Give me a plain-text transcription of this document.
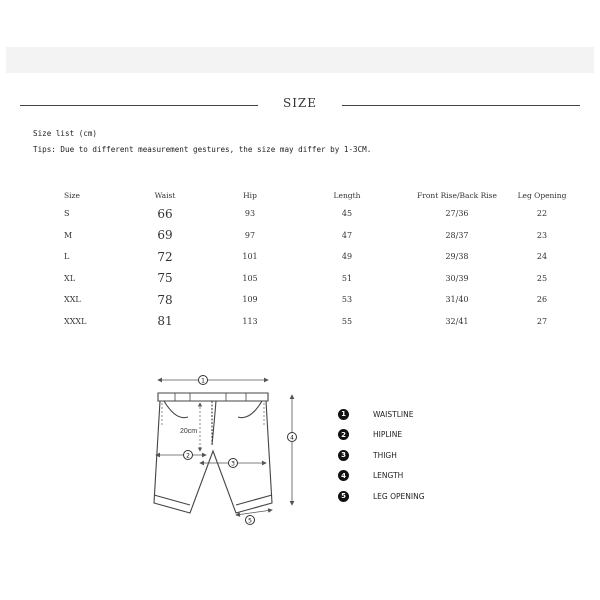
SIZE
Size list (cm)
Tips: Due to different measurement gestures, the size may differ by 1-3CM.
Size	Waist	Hip	Length	Front Rise/Back Rise	Leg Opening
S	66	93	45	27/36	22
M	69	97	47	28/37	23
L	72	101	49	29/38	24
XL	75	105	51	30/39	25
XXL	78	109	53	31/40	26
XXXL	81	113	55	32/41	27
20cm
1
2
3
4
5
1	WAISTLINE
2	HIPLINE
3	THIGH
4	LENGTH
5	LEG OPENING
